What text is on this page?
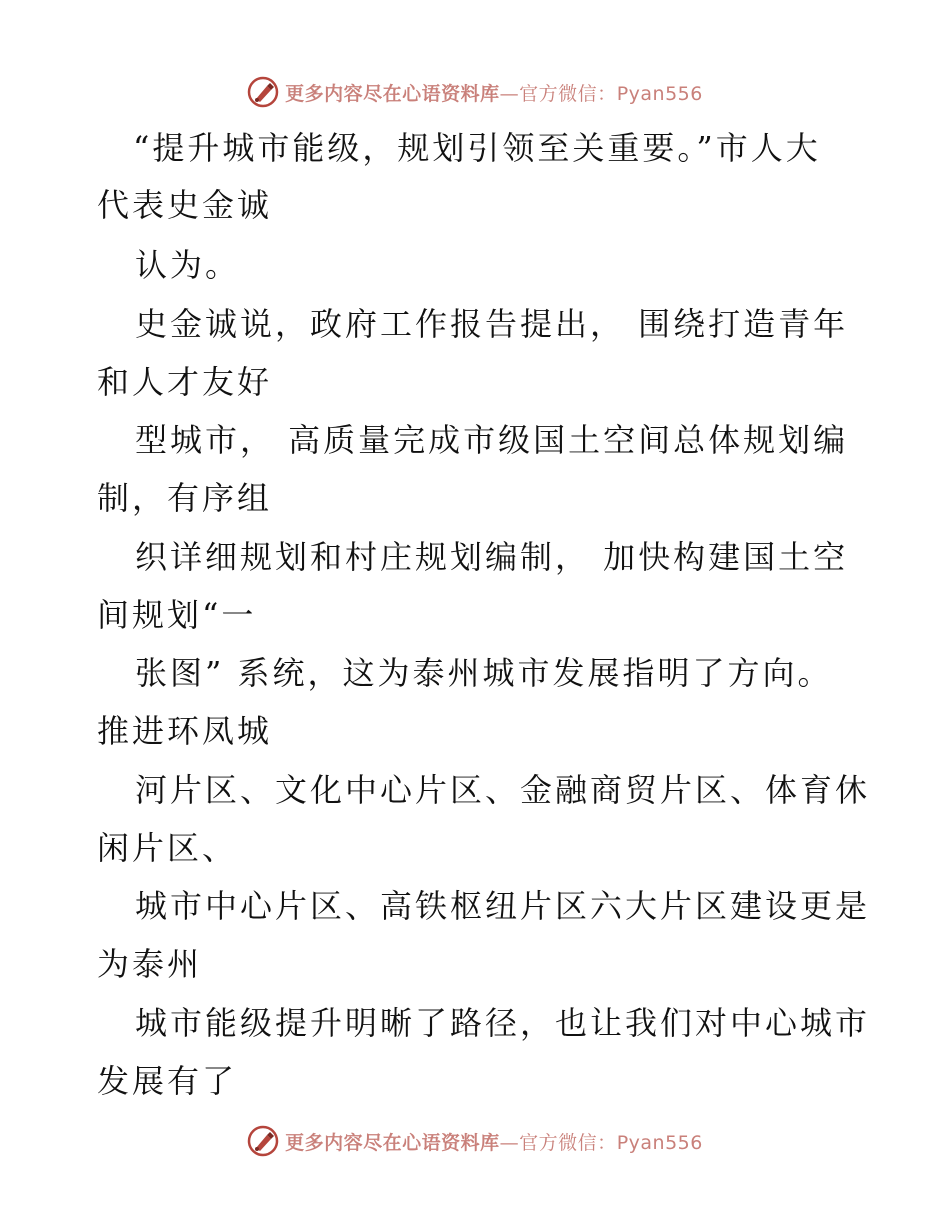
更多内容尽在心语资料库—官方微信：Pyan556
“提升城市能级，规划引领至关重要。”市人大
代表史金诚
认为。
史金诚说，政府工作报告提出， 围绕打造青年
和人才友好
型城市， 高质量完成市级国土空间总体规划编
制，有序组
织详细规划和村庄规划编制， 加快构建国土空
间规划“一
张图” 系统，这为泰州城市发展指明了方向。
推进环凤城
河片区、文化中心片区、金融商贸片区、体育休
闲片区、
城市中心片区、高铁枢纽片区六大片区建设更是
为泰州
城市能级提升明晰了路径，也让我们对中心城市
发展有了
更多内容尽在心语资料库—官方微信：Pyan556
